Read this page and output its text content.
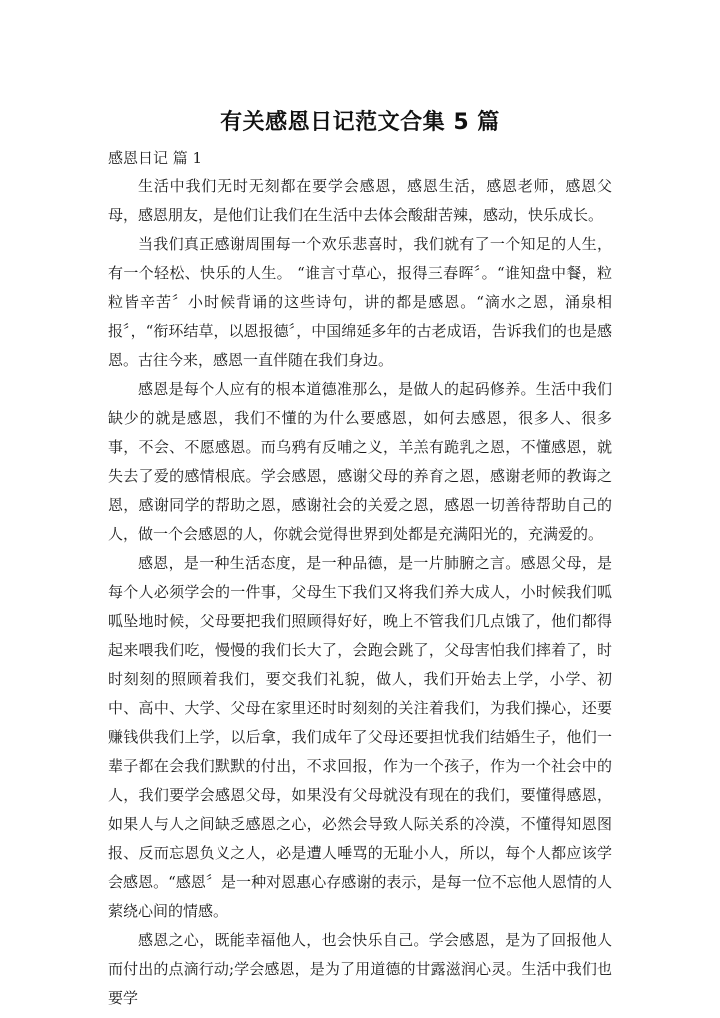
有关感恩日记范文合集 5 篇
感恩日记 篇 1

生活中我们无时无刻都在要学会感恩，感恩生活，感恩老师，感恩父母，感恩朋友，是他们让我们在生活中去体会酸甜苦辣，感动，快乐成长。

当我们真正感谢周围每一个欢乐悲喜时，我们就有了一个知足的人生，有一个轻松、快乐的人生。 “谁言寸草心，报得三春晖〞。“谁知盘中餐，粒粒皆辛苦〞小时候背诵的这些诗句，讲的都是感恩。“滴水之恩，涌泉相报〞，“衔环结草，以恩报德〞，中国绵延多年的古老成语，告诉我们的也是感恩。古往今来，感恩一直伴随在我们身边。

感恩是每个人应有的根本道德准那么，是做人的起码修养。生活中我们缺少的就是感恩，我们不懂的为什么要感恩，如何去感恩，很多人、很多事，不会、不愿感恩。而乌鸦有反哺之义，羊羔有跪乳之恩，不懂感恩，就失去了爱的感情根底。学会感恩，感谢父母的养育之恩，感谢老师的教诲之恩，感谢同学的帮助之恩，感谢社会的关爱之恩，感恩一切善待帮助自己的人，做一个会感恩的人，你就会觉得世界到处都是充满阳光的，充满爱的。

感恩，是一种生活态度，是一种品德，是一片肺腑之言。感恩父母，是每个人必须学会的一件事，父母生下我们又将我们养大成人，小时候我们呱呱坠地时候，父母要把我们照顾得好好，晚上不管我们几点饿了，他们都得起来喂我们吃，慢慢的我们长大了，会跑会跳了，父母害怕我们摔着了，时时刻刻的照顾着我们，要交我们礼貌，做人，我们开始去上学，小学、初中、高中、大学、父母在家里还时时刻刻的关注着我们，为我们操心，还要赚钱供我们上学，以后拿，我们成年了父母还要担忧我们结婚生子，他们一辈子都在会我们默默的付出，不求回报，作为一个孩子，作为一个社会中的人，我们要学会感恩父母，如果没有父母就没有现在的我们，要懂得感恩，如果人与人之间缺乏感恩之心，必然会导致人际关系的冷漠，不懂得知恩图报、反而忘恩负义之人，必是遭人唾骂的无耻小人，所以，每个人都应该学会感恩。“感恩〞是一种对恩惠心存感谢的表示，是每一位不忘他人恩情的人萦绕心间的情感。

感恩之心，既能幸福他人，也会快乐自己。学会感恩，是为了回报他人而付出的点滴行动;学会感恩，是为了用道德的甘露滋润心灵。生活中我们也要学
